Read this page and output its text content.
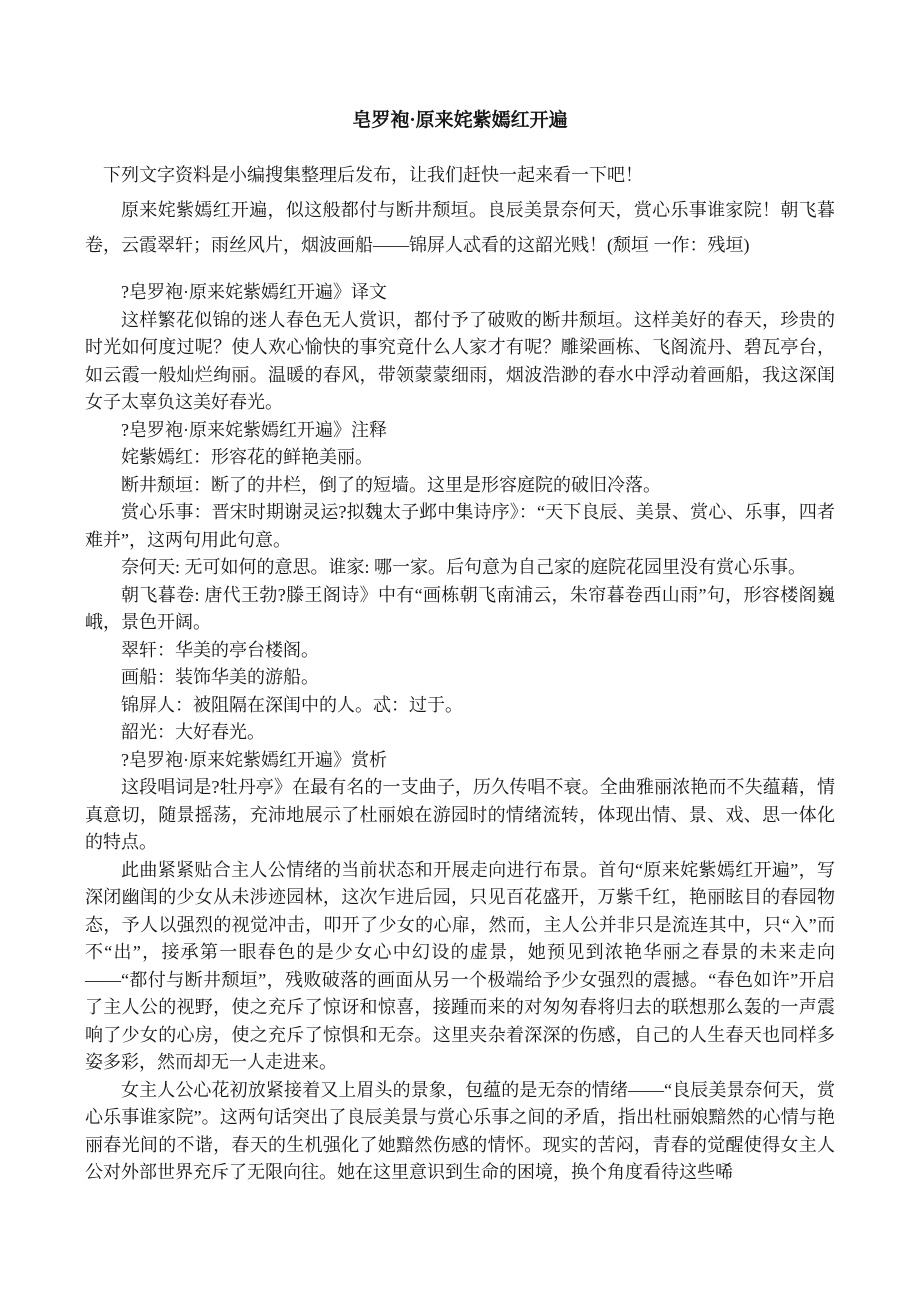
皂罗袍·原来姹紫嫣红开遍

下列文字资料是小编搜集整理后发布，让我们赶快一起来看一下吧！

原来姹紫嫣红开遍，似这般都付与断井颓垣。良辰美景奈何天，赏心乐事谁家院！朝飞暮卷，云霞翠轩；雨丝风片，烟波画船——锦屏人忒看的这韶光贱！(颓垣 一作：残垣)

?皂罗袍·原来姹紫嫣红开遍》译文

这样繁花似锦的迷人春色无人赏识，都付予了破败的断井颓垣。这样美好的春天，珍贵的时光如何度过呢？使人欢心愉快的事究竟什么人家才有呢？雕梁画栋、飞阁流丹、碧瓦亭台，如云霞一般灿烂绚丽。温暖的春风，带领蒙蒙细雨，烟波浩渺的春水中浮动着画船，我这深闺女子太辜负这美好春光。

?皂罗袍·原来姹紫嫣红开遍》注释

姹紫嫣红：形容花的鲜艳美丽。

断井颓垣：断了的井栏，倒了的短墙。这里是形容庭院的破旧冷落。

赏心乐事：晋宋时期谢灵运?拟魏太子邺中集诗序》：“天下良辰、美景、赏心、乐事，四者难并”，这两句用此句意。

奈何天: 无可如何的意思。谁家: 哪一家。后句意为自己家的庭院花园里没有赏心乐事。

朝飞暮卷: 唐代王勃?滕王阁诗》中有“画栋朝飞南浦云，朱帘暮卷西山雨”句，形容楼阁巍峨，景色开阔。

翠轩：华美的亭台楼阁。

画船：装饰华美的游船。

锦屏人：被阻隔在深闺中的人。忒：过于。

韶光：大好春光。

?皂罗袍·原来姹紫嫣红开遍》赏析

这段唱词是?牡丹亭》在最有名的一支曲子，历久传唱不衰。全曲雅丽浓艳而不失蕴藉，情真意切，随景摇荡，充沛地展示了杜丽娘在游园时的情绪流转，体现出情、景、戏、思一体化的特点。

此曲紧紧贴合主人公情绪的当前状态和开展走向进行布景。首句“原来姹紫嫣红开遍”，写深闭幽闺的少女从未涉迹园林，这次乍进后园，只见百花盛开，万紫千红，艳丽眩目的春园物态，予人以强烈的视觉冲击，叩开了少女的心扉，然而，主人公并非只是流连其中，只“入”而不“出”，接承第一眼春色的是少女心中幻设的虚景，她预见到浓艳华丽之春景的未来走向——“都付与断井颓垣”，残败破落的画面从另一个极端给予少女强烈的震撼。“春色如许”开启了主人公的视野，使之充斥了惊讶和惊喜，接踵而来的对匆匆春将归去的联想那么轰的一声震响了少女的心房，使之充斥了惊惧和无奈。这里夹杂着深深的伤感，自己的人生春天也同样多姿多彩，然而却无一人走进来。

女主人公心花初放紧接着又上眉头的景象，包蕴的是无奈的情绪——“良辰美景奈何天，赏心乐事谁家院”。这两句话突出了良辰美景与赏心乐事之间的矛盾，指出杜丽娘黯然的心情与艳丽春光间的不谐，春天的生机强化了她黯然伤感的情怀。现实的苦闷，青春的觉醒使得女主人公对外部世界充斥了无限向往。她在这里意识到生命的困境，换个角度看待这些唏
